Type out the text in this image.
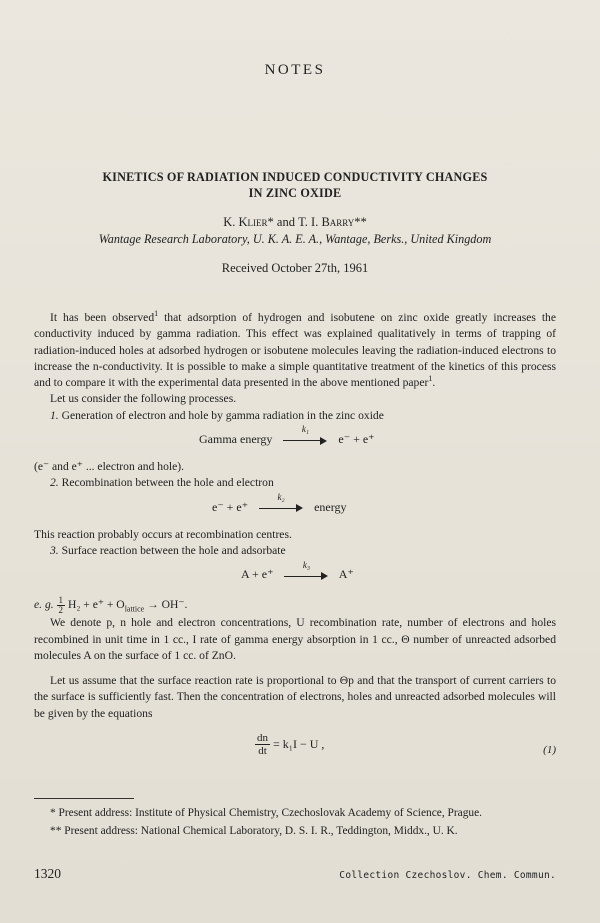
NOTES
KINETICS OF RADIATION INDUCED CONDUCTIVITY CHANGES
IN ZINC OXIDE
K. Klier* and T. I. Barry**
Wantage Research Laboratory, U. K. A. E. A., Wantage, Berks., United Kingdom
Received October 27th, 1961

It has been observed$^1$ that adsorption of hydrogen and isobutene on zinc oxide greatly increases the conductivity induced by gamma radiation. This effect was explained qualitatively in terms of trapping of radiation-induced holes at adsorbed hydrogen or isobutene molecules leaving the radiation-induced electrons to increase the n-conductivity. It is possible to make a simple quantitative treatment of the kinetics of this process and to compare it with the experimental data presented in the above mentioned paper$^1$.

Let us consider the following processes.

1. Generation of electron and hole by gamma radiation in the zinc oxide

Gamma energy
k₁
e⁻ + e⁺

(e⁻ and e⁺ ... electron and hole).

2. Recombination between the hole and electron

e⁻ + e⁺
k₂
energy

This reaction probably occurs at recombination centres.

3. Surface reaction between the hole and adsorbate

A + e⁺
k₃
A⁺

e. g. $\frac{1}{2} H_2 + e^+ + O_{lattice} \to OH^-$.

We denote p, n hole and electron concentrations, U recombination rate, number of electrons and holes recombined in unit time in 1 cc., I rate of gamma energy absorption in 1 cc., Θ number of unreacted adsorbed molecules A on the surface of 1 cc. of ZnO.

Let us assume that the surface reaction rate is proportional to Θp and that the transport of current carriers to the surface is sufficiently fast. Then the concentration of electrons, holes and unreacted adsorbed molecules will be given by the equations

$\frac{dn}{dt} = k_1I - U$ ,	(1)

* Present address: Institute of Physical Chemistry, Czechoslovak Academy of Science, Prague.

** Present address: National Chemical Laboratory, D. S. I. R., Teddington, Middx., U. K.

1320	Collection Czechoslov. Chem. Commun.
